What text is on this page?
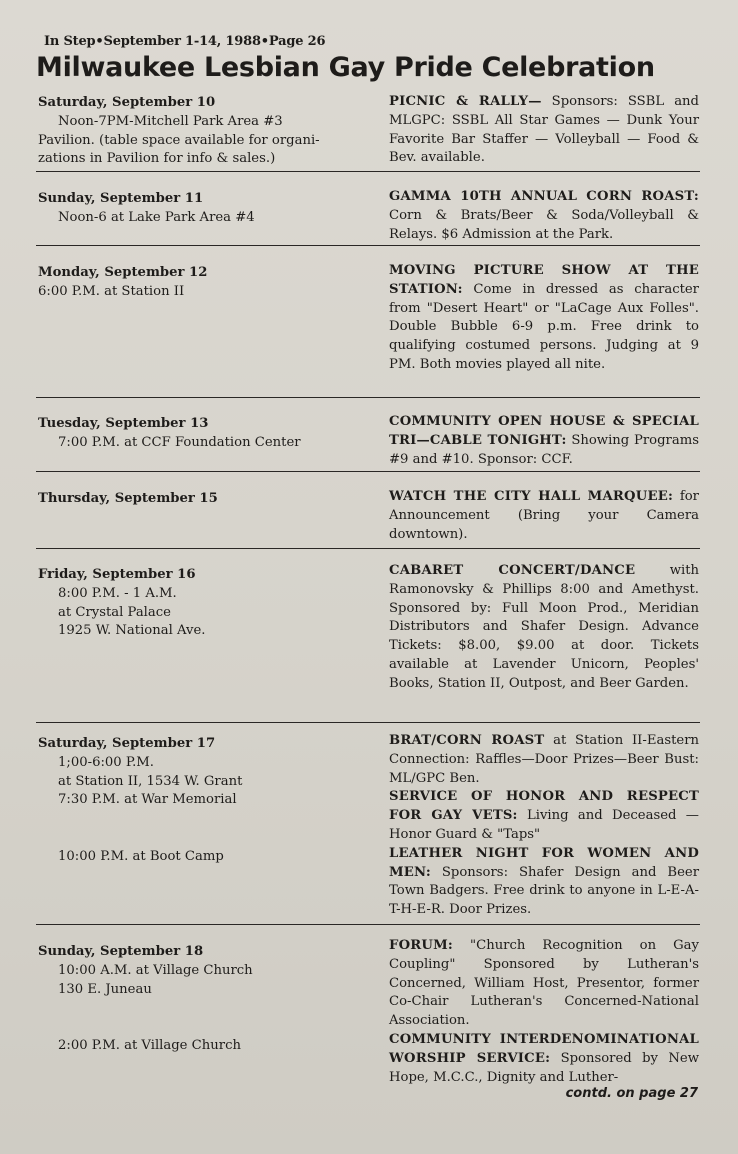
In Step•September 1-14, 1988•Page 26
Milwaukee Lesbian Gay Pride Celebration
Saturday, September 10
Noon-7PM-Mitchell Park Area #3
Pavilion. (table space available for organi-
zations in Pavilion for info & sales.)
PICNIC & RALLY— Sponsors: SSBL and MLGPC: SSBL All Star Games — Dunk Your Favorite Bar Staffer — Volleyball — Food & Bev. available.
Sunday, September 11
Noon-6 at Lake Park Area #4
GAMMA 10TH ANNUAL CORN ROAST: Corn & Brats/Beer & Soda/Volleyball & Relays. $6 Admission at the Park.
Monday, September 12
6:00 P.M. at Station II
MOVING PICTURE SHOW AT THE STATION: Come in dressed as character from "Desert Heart" or "LaCage Aux Folles". Double Bubble 6-9 p.m. Free drink to qualifying costumed persons. Judging at 9 PM. Both movies played all nite.
Tuesday, September 13
7:00 P.M. at CCF Foundation Center
COMMUNITY OPEN HOUSE & SPECIAL TRI—CABLE TONIGHT: Showing Programs #9 and #10. Sponsor: CCF.
Thursday, September 15	WATCH THE CITY HALL MARQUEE: for Announcement (Bring your Camera downtown).
Friday, September 16
8:00 P.M. - 1 A.M.
at Crystal Palace
1925 W. National Ave.
CABARET CONCERT/DANCE with Ramonovsky & Phillips 8:00 and Amethyst. Sponsored by: Full Moon Prod., Meridian Distributors and Shafer Design. Advance Tickets: $8.00, $9.00 at door. Tickets available at Lavender Unicorn, Peoples' Books, Station II, Outpost, and Beer Garden.
Saturday, September 17
1;00-6:00 P.M.
at Station II, 1534 W. Grant
7:30 P.M. at War Memorial
10:00 P.M. at Boot Camp
BRAT/CORN ROAST at Station II-Eastern Connection: Raffles—Door Prizes—Beer Bust: ML/GPC Ben.
SERVICE OF HONOR AND RESPECT FOR GAY VETS: Living and Deceased — Honor Guard & "Taps"
LEATHER NIGHT FOR WOMEN AND MEN: Sponsors: Shafer Design and Beer Town Badgers. Free drink to anyone in L-E-A-T-H-E-R. Door Prizes.
Sunday, September 18
10:00 A.M. at Village Church
130 E. Juneau
2:00 P.M. at Village Church
FORUM: "Church Recognition on Gay Coupling" Sponsored by Lutheran's Concerned, William Host, Presentor, former Co-Chair Lutheran's Concerned-National Association.
COMMUNITY INTERDENOMINATIONAL WORSHIP SERVICE: Sponsored by New Hope, M.C.C., Dignity and Luther-
contd. on page 27
